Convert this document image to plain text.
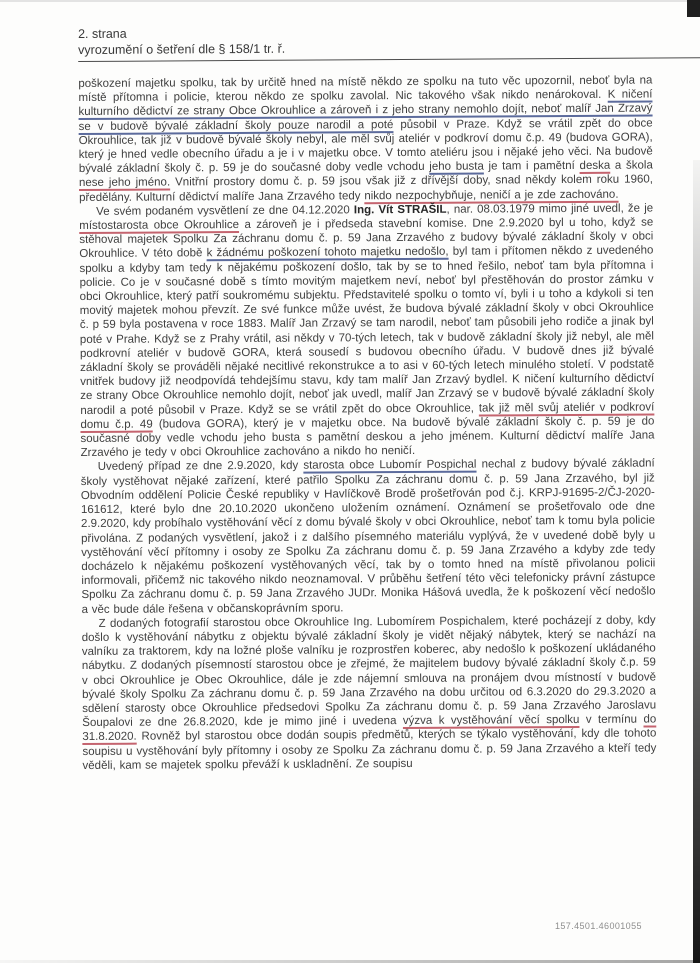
2. strana
vyrozumění o šetření dle § 158/1 tr. ř.

poškození majetku spolku, tak by určitě hned na místě někdo ze spolku na tuto věc upozornil, neboť byla na místě přítomna i policie, kterou někdo ze spolku zavolal. Nic takového však nikdo nenárokoval. K ničení kulturního dědictví ze strany Obce Okrouhlice a zároveň i z jeho strany nemohlo dojít, neboť malíř Jan Zrzavý se v budově bývalé základní školy pouze narodil a poté působil v Praze. Když se vrátil zpět do obce Okrouhlice, tak již v budově bývalé školy nebyl, ale měl svůj ateliér v podkroví domu č.p. 49 (budova GORA), který je hned vedle obecního úřadu a je i v majetku obce. V tomto ateliéru jsou i nějaké jeho věci. Na budově bývalé základní školy č. p. 59 je do současné doby vedle vchodu jeho busta je tam i pamětní deska a škola nese jeho jméno. Vnitřní prostory domu č. p. 59 jsou však již z dřívější doby, snad někdy kolem roku 1960, předělány. Kulturní dědictví malíře Jana Zrzavého tedy nikdo nezpochybňuje, neničí a je zde zachováno.

Ve svém podaném vysvětlení ze dne 04.12.2020 Ing. Vít STRAŠIL, nar. 08.03.1979 mimo jiné uvedl, že je místostarosta obce Okrouhlice a zároveň je i předseda stavební komise. Dne 2.9.2020 byl u toho, když se stěhoval majetek Spolku Za záchranu domu č. p. 59 Jana Zrzavého z budovy bývalé základní školy v obci Okrouhlice. V této době k žádnému poškození tohoto majetku nedošlo, byl tam i přítomen někdo z uvedeného spolku a kdyby tam tedy k nějakému poškození došlo, tak by se to hned řešilo, neboť tam byla přítomna i policie. Co je v současné době s tímto movitým majetkem neví, neboť byl přestěhován do prostor zámku v obci Okrouhlice, který patří soukromému subjektu. Představitelé spolku o tomto ví, byli i u toho a kdykoli si ten movitý majetek mohou převzít. Ze své funkce může uvést, že budova bývalé základní školy v obci Okrouhlice č. p 59 byla postavena v roce 1883. Malíř Jan Zrzavý se tam narodil, neboť tam působili jeho rodiče a jinak byl poté v Prahe. Když se z Prahy vrátil, asi někdy v 70-tých letech, tak v budově základní školy již nebyl, ale měl podkrovní ateliér v budově GORA, která sousedí s budovou obecního úřadu. V budově dnes již bývalé základní školy se prováděli nějaké necitlivé rekonstrukce a to asi v 60-tých letech minulého století. V podstatě vnitřek budovy již neodpovídá tehdejšímu stavu, kdy tam malíř Jan Zrzavý bydlel. K ničení kulturního dědictví ze strany Obce Okrouhlice nemohlo dojít, neboť jak uvedl, malíř Jan Zrzavý se v budově bývalé základní školy narodil a poté působil v Praze. Když se se vrátil zpět do obce Okrouhlice, tak již měl svůj ateliér v podkroví domu č.p. 49 (budova GORA), který je v majetku obce. Na budově bývalé základní školy č. p. 59 je do současné doby vedle vchodu jeho busta s pamětní deskou a jeho jménem. Kulturní dědictví malíře Jana Zrzavého je tedy v obci Okrouhlice zachováno a nikdo ho neničí.

Uvedený případ ze dne 2.9.2020, kdy starosta obce Lubomír Pospichal nechal z budovy bývalé základní školy vystěhovat nějaké zařízení, které patřilo Spolku Za záchranu domu č. p. 59 Jana Zrzavého, byl již Obvodním oddělení Policie České republiky v Havlíčkově Brodě prošetřován pod č.j. KRPJ-91695-2/ČJ-2020-161612, které bylo dne 20.10.2020 ukončeno uložením oznámení. Oznámení se prošetřovalo ode dne 2.9.2020, kdy probíhalo vystěhování věcí z domu bývalé školy v obci Okrouhlice, neboť tam k tomu byla policie přivolána. Z podaných vysvětlení, jakož i z dalšího písemného materiálu vyplývá, že v uvedené době byly u vystěhování věcí přítomny i osoby ze Spolku Za záchranu domu č. p. 59 Jana Zrzavého a kdyby zde tedy docházelo k nějakému poškození vystěhovaných věcí, tak by o tomto hned na místě přivolanou policii informovali, přičemž nic takového nikdo neoznamoval. V průběhu šetření této věci telefonicky právní zástupce Spolku Za záchranu domu č. p. 59 Jana Zrzavého JUDr. Monika Hášová uvedla, že k poškození věcí nedošlo a věc bude dále řešena v občanskoprávním sporu.

Z dodaných fotografií starostou obce Okrouhlice Ing. Lubomírem Pospichalem, které pocházejí z doby, kdy došlo k vystěhování nábytku z objektu bývalé základní školy je vidět nějaký nábytek, který se nachází na valníku za traktorem, kdy na ložné ploše valníku je rozprostřen koberec, aby nedošlo k poškození ukládaného nábytku. Z dodaných písemností starostou obce je zřejmé, že majitelem budovy bývalé základní školy č.p. 59 v obci Okrouhlice je Obec Okrouhlice, dále je zde nájemní smlouva na pronájem dvou místností v budově bývalé školy Spolku Za záchranu domu č. p. 59 Jana Zrzavého na dobu určitou od 6.3.2020 do 29.3.2020 a sdělení starosty obce Okrouhlice předsedovi Spolku Za záchranu domu č. p. 59 Jana Zrzavého Jaroslavu Šoupalovi ze dne 26.8.2020, kde je mimo jiné i uvedena výzva k vystěhování věcí spolku v termínu do 31.8.2020. Rovněž byl starostou obce dodán soupis předmětů, kterých se týkalo vystěhování, kdy dle tohoto soupisu u vystěhování byly přítomny i osoby ze Spolku Za záchranu domu č. p. 59 Jana Zrzavého a kteří tedy věděli, kam se majetek spolku převáží k uskladnění. Ze soupisu

157.4501.46001055
